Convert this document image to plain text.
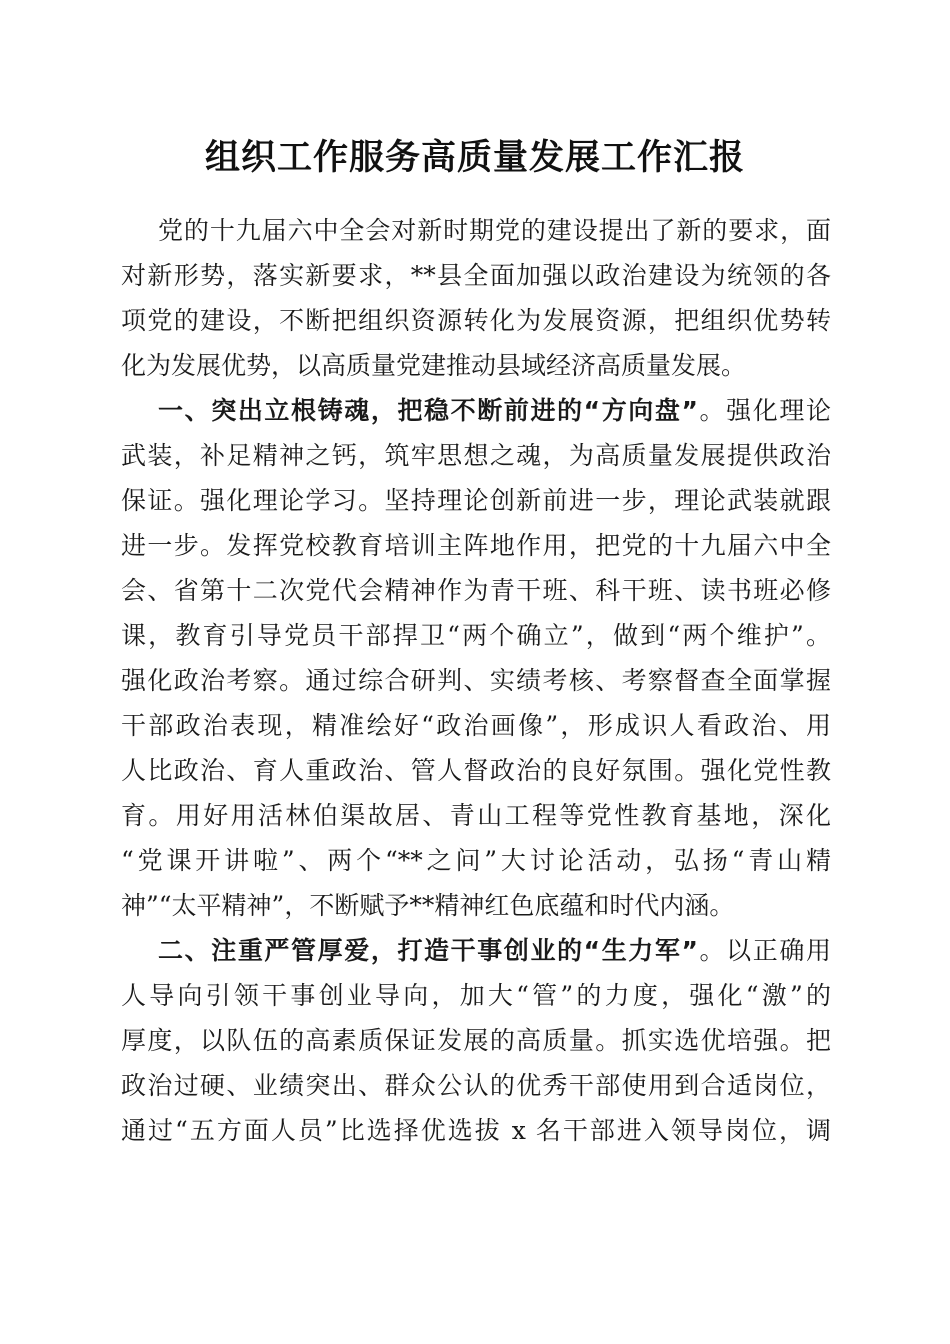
组织工作服务高质量发展工作汇报
党的十九届六中全会对新时期党的建设提出了新的要求，面
对新形势，落实新要求，**县全面加强以政治建设为统领的各
项党的建设，不断把组织资源转化为发展资源，把组织优势转
化为发展优势，以高质量党建推动县域经济高质量发展。
一、突出立根铸魂，把稳不断前进的“方向盘”。强化理论
武装，补足精神之钙，筑牢思想之魂，为高质量发展提供政治
保证。强化理论学习。坚持理论创新前进一步，理论武装就跟
进一步。发挥党校教育培训主阵地作用，把党的十九届六中全
会、省第十二次党代会精神作为青干班、科干班、读书班必修
课，教育引导党员干部捍卫“两个确立”，做到“两个维护”。
强化政治考察。通过综合研判、实绩考核、考察督查全面掌握
干部政治表现，精准绘好“政治画像”，形成识人看政治、用
人比政治、育人重政治、管人督政治的良好氛围。强化党性教
育。用好用活林伯渠故居、青山工程等党性教育基地，深化
“党课开讲啦”、两个“**之问”大讨论活动，弘扬“青山精
神”“太平精神”，不断赋予**精神红色底蕴和时代内涵。
二、注重严管厚爱，打造干事创业的“生力军”。以正确用
人导向引领干事创业导向，加大“管”的力度，强化“激”的
厚度，以队伍的高素质保证发展的高质量。抓实选优培强。把
政治过硬、业绩突出、群众公认的优秀干部使用到合适岗位，
通过“五方面人员”比选择优选拔 x 名干部进入领导岗位，调
